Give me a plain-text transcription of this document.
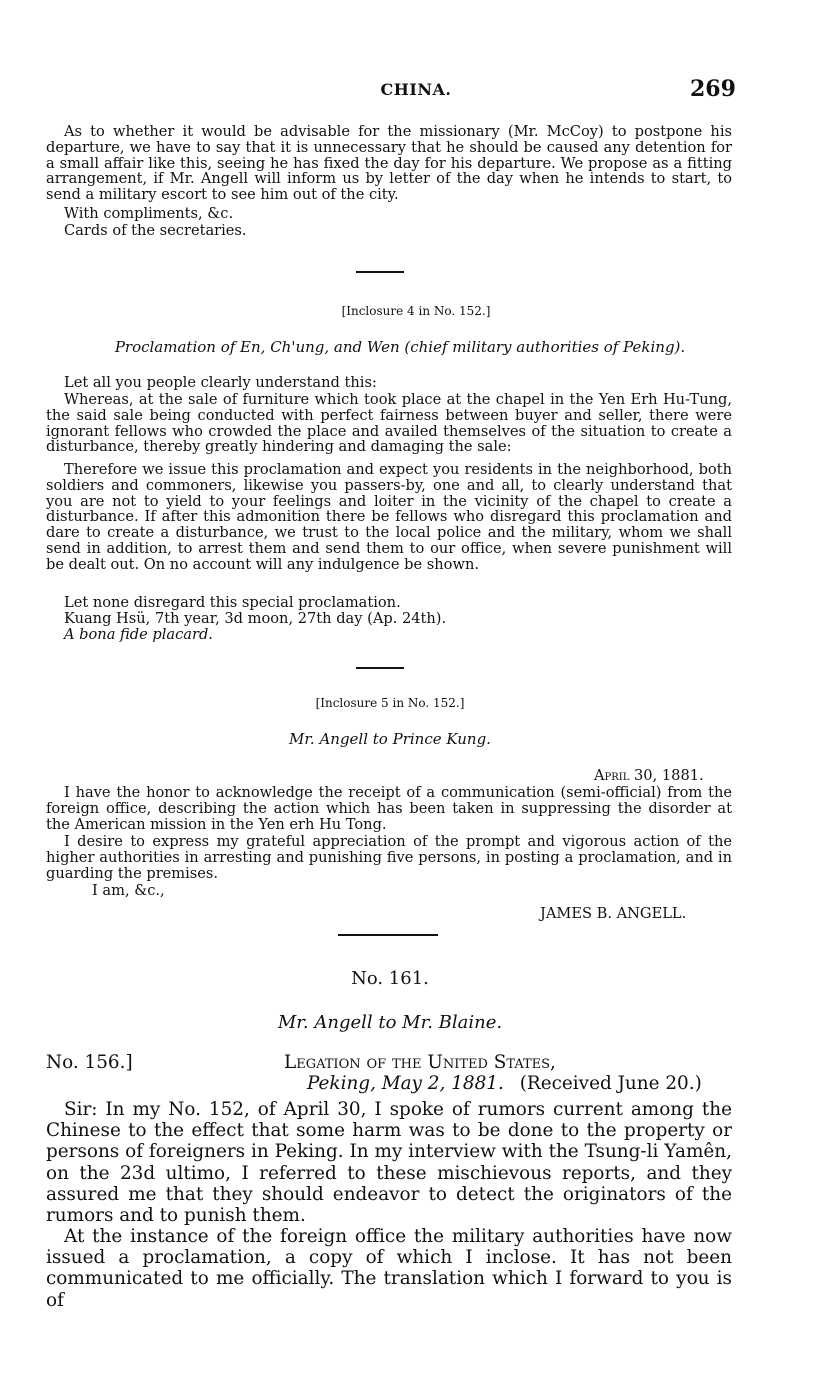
CHINA.	269

As to whether it would be advisable for the missionary (Mr. McCoy) to postpone his departure, we have to say that it is unnecessary that he should be caused any detention for a small affair like this, seeing he has fixed the day for his departure. We propose as a fitting arrangement, if Mr. Angell will inform us by letter of the day when he intends to start, to send a military escort to see him out of the city.

With compliments, &c.

Cards of the secretaries.

[Inclosure 4 in No. 152.]
Proclamation of En, Ch'ung, and Wen (chief military authorities of Peking).

Let all you people clearly understand this:

Whereas, at the sale of furniture which took place at the chapel in the Yen Erh Hu-Tung, the said sale being conducted with perfect fairness between buyer and seller, there were ignorant fellows who crowded the place and availed themselves of the situation to create a disturbance, thereby greatly hindering and damaging the sale:

Therefore we issue this proclamation and expect you residents in the neighborhood, both soldiers and commoners, likewise you passers-by, one and all, to clearly understand that you are not to yield to your feelings and loiter in the vicinity of the chapel to create a disturbance. If after this admonition there be fellows who disregard this proclamation and dare to create a disturbance, we trust to the local police and the military, whom we shall send in addition, to arrest them and send them to our office, when severe punishment will be dealt out. On no account will any indulgence be shown.

Let none disregard this special proclamation.

Kuang Hsü, 7th year, 3d moon, 27th day (Ap. 24th).

A bona fide placard.

[Inclosure 5 in No. 152.]
Mr. Angell to Prince Kung.
April 30, 1881.

I have the honor to acknowledge the receipt of a communication (semi-official) from the foreign office, describing the action which has been taken in suppressing the disorder at the American mission in the Yen erh Hu Tong.

I desire to express my grateful appreciation of the prompt and vigorous action of the higher authorities in arresting and punishing five persons, in posting a proclamation, and in guarding the premises.

I am, &c.,

JAMES B. ANGELL.
No. 161.
Mr. Angell to Mr. Blaine.
No. 156.]	Legation of the United States,
Peking, May 2, 1881. (Received June 20.)

Sir: In my No. 152, of April 30, I spoke of rumors current among the Chinese to the effect that some harm was to be done to the property or persons of foreigners in Peking. In my interview with the Tsung-li Yamên, on the 23d ultimo, I referred to these mischievous reports, and they assured me that they should endeavor to detect the originators of the rumors and to punish them.

At the instance of the foreign office the military authorities have now issued a proclamation, a copy of which I inclose. It has not been communicated to me officially. The translation which I forward to you is of
